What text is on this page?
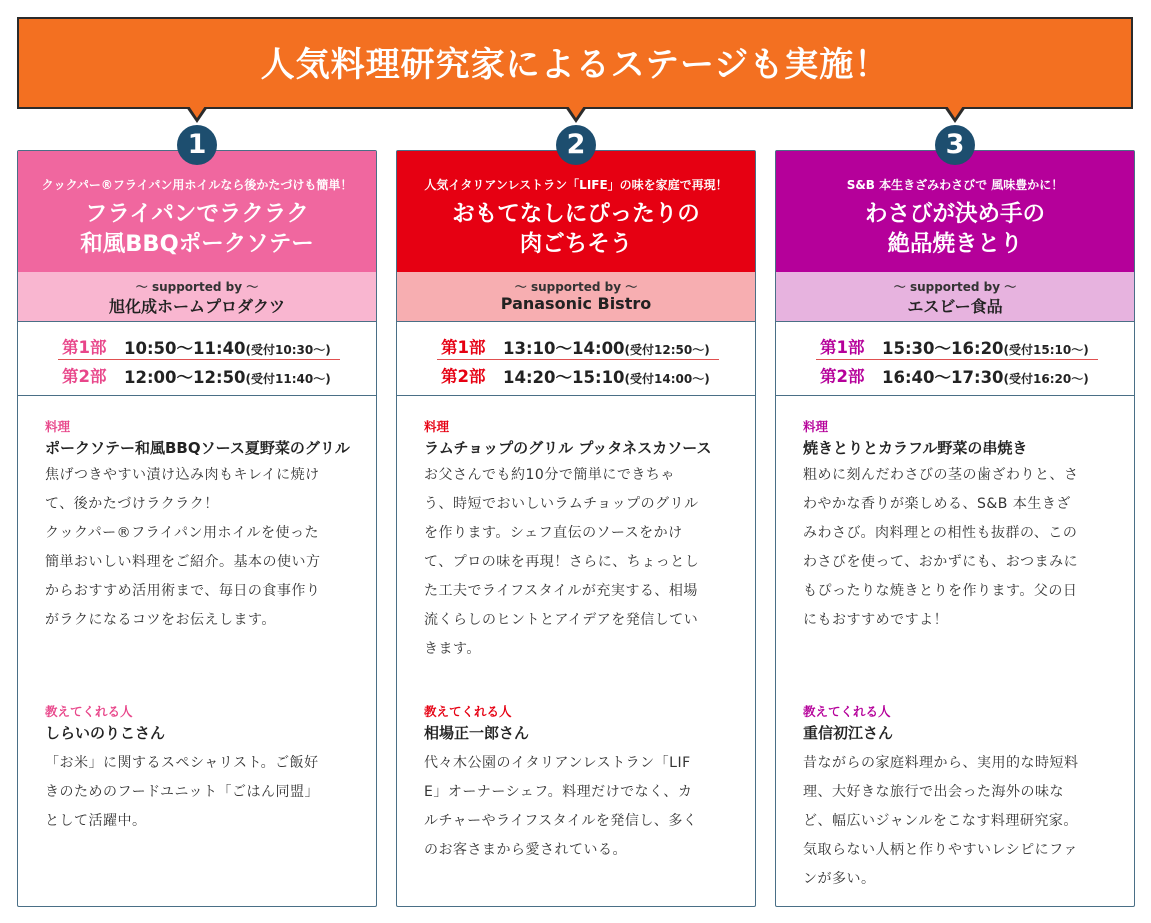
人気料理研究家によるステージも実施！
1
クックパー®フライパン用ホイルなら後かたづけも簡単！
フライパンでラクラク
和風BBQポークソテー
～ supported by ～
旭化成ホームプロダクツ
第1部 10:50～11:40(受付10:30～)
第2部 12:00～12:50(受付11:40～)
料理
ポークソテー和風BBQソース夏野菜のグリル
焦げつきやすい漬け込み肉もキレイに焼け
て、後かたづけラクラク！
クックパー®フライパン用ホイルを使った
簡単おいしい料理をご紹介。基本の使い方
からおすすめ活用術まで、毎日の食事作り
がラクになるコツをお伝えします。
教えてくれる人
しらいのりこさん
「お米」に関するスペシャリスト。ご飯好
きのためのフードユニット「ごはん同盟」
として活躍中。
2
人気イタリアンレストラン「LIFE」の味を家庭で再現！
おもてなしにぴったりの
肉ごちそう
～ supported by ～
Panasonic Bistro
第1部 13:10～14:00(受付12:50～)
第2部 14:20～15:10(受付14:00～)
料理
ラムチョップのグリル プッタネスカソース
お父さんでも約10分で簡単にできちゃ
う、時短でおいしいラムチョップのグリル
を作ります。シェフ直伝のソースをかけ
て、プロの味を再現！さらに、ちょっとし
た工夫でライフスタイルが充実する、相場
流くらしのヒントとアイデアを発信してい
きます。
教えてくれる人
相場正一郎さん
代々木公園のイタリアンレストラン「LIF
E」オーナーシェフ。料理だけでなく、カ
ルチャーやライフスタイルを発信し、多く
のお客さまから愛されている。
3
S&B 本生きざみわさびで 風味豊かに！
わさびが決め手の
絶品焼きとり
～ supported by ～
エスビー食品
第1部 15:30～16:20(受付15:10～)
第2部 16:40～17:30(受付16:20～)
料理
焼きとりとカラフル野菜の串焼き
粗めに刻んだわさびの茎の歯ざわりと、さ
わやかな香りが楽しめる、S&B 本生きざ
みわさび。肉料理との相性も抜群の、この
わさびを使って、おかずにも、おつまみに
もぴったりな焼きとりを作ります。父の日
にもおすすめですよ！
教えてくれる人
重信初江さん
昔ながらの家庭料理から、実用的な時短料
理、大好きな旅行で出会った海外の味な
ど、幅広いジャンルをこなす料理研究家。
気取らない人柄と作りやすいレシピにファ
ンが多い。
